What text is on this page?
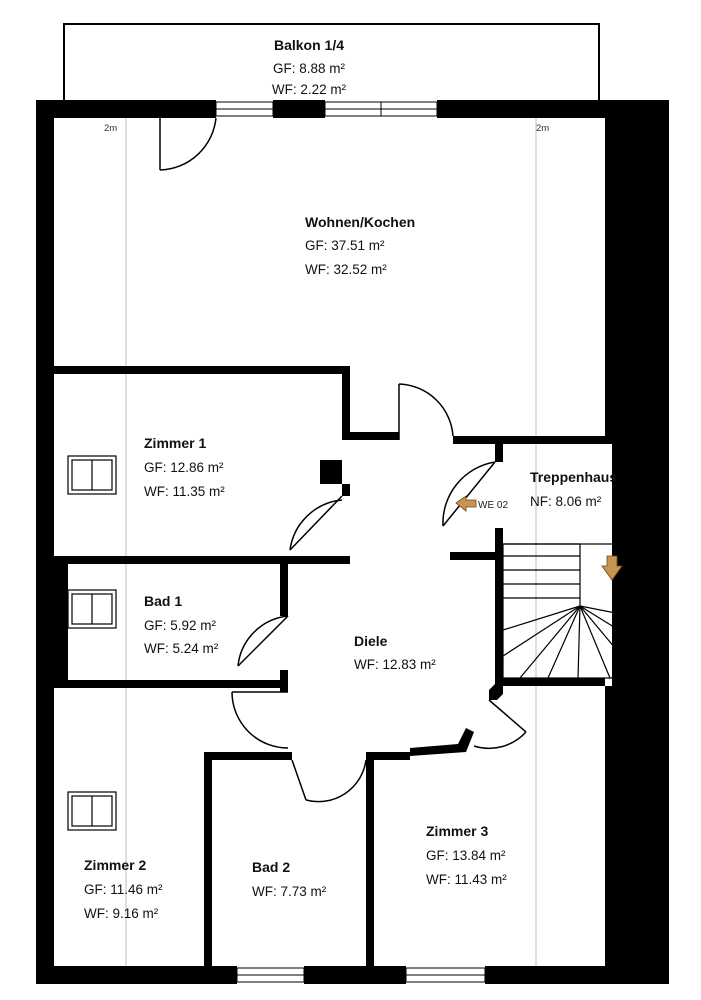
Balkon 1/4
GF: 8.88 m²
WF: 2.22 m²
2m	2m
Wohnen/Kochen
GF: 37.51 m²
WF: 32.52 m²
Zimmer 1
GF: 12.86 m²
WF: 11.35 m²
Treppenhaus
NF: 8.06 m²
WE 02
Bad 1
GF: 5.92 m²
WF: 5.24 m²	Diele
WF: 12.83 m²
Zimmer 3
GF: 13.84 m²
WF: 11.43 m²
Zimmer 2
GF: 11.46 m²
WF: 9.16 m²
Bad 2
WF: 7.73 m²
